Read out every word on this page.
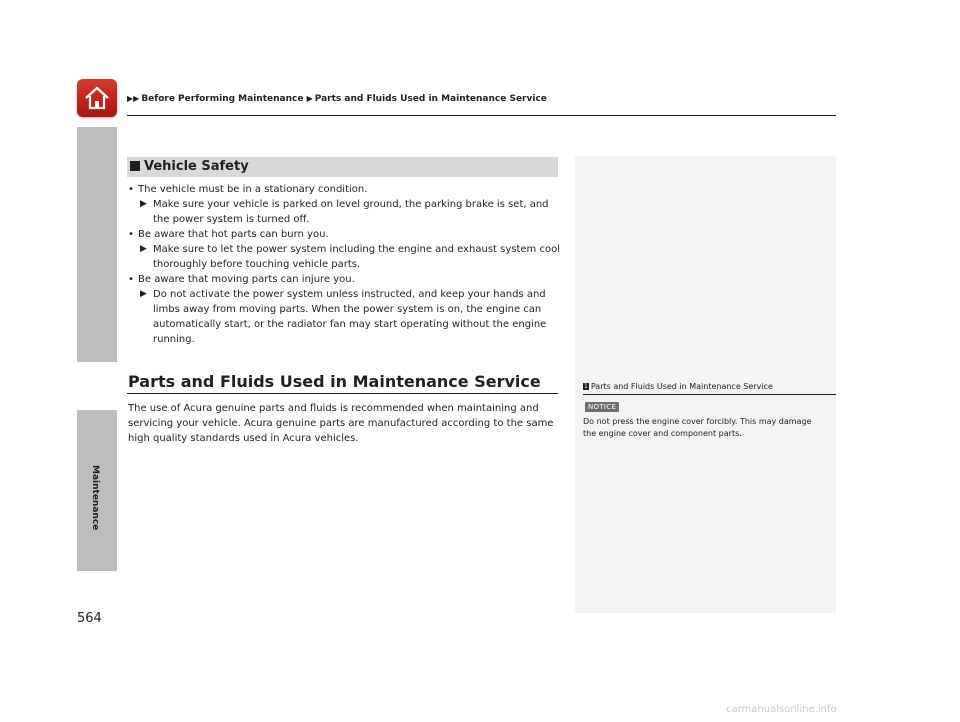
▶▶ Before Performing Maintenance ▶ Parts and Fluids Used in Maintenance Service
Maintenance
564
Vehicle Safety
• The vehicle must be in a stationary condition.
▶ Make sure your vehicle is parked on level ground, the parking brake is set, and the power system is turned off.
• Be aware that hot parts can burn you.
▶ Make sure to let the power system including the engine and exhaust system cool thoroughly before touching vehicle parts.
• Be aware that moving parts can injure you.
▶ Do not activate the power system unless instructed, and keep your hands and limbs away from moving parts. When the power system is on, the engine can automatically start, or the radiator fan may start operating without the engine running.
Parts and Fluids Used in Maintenance Service
The use of Acura genuine parts and fluids is recommended when maintaining and servicing your vehicle. Acura genuine parts are manufactured according to the same high quality standards used in Acura vehicles.
1 Parts and Fluids Used in Maintenance Service
NOTICE
Do not press the engine cover forcibly. This may damage the engine cover and component parts.
carmanualsonline.info
